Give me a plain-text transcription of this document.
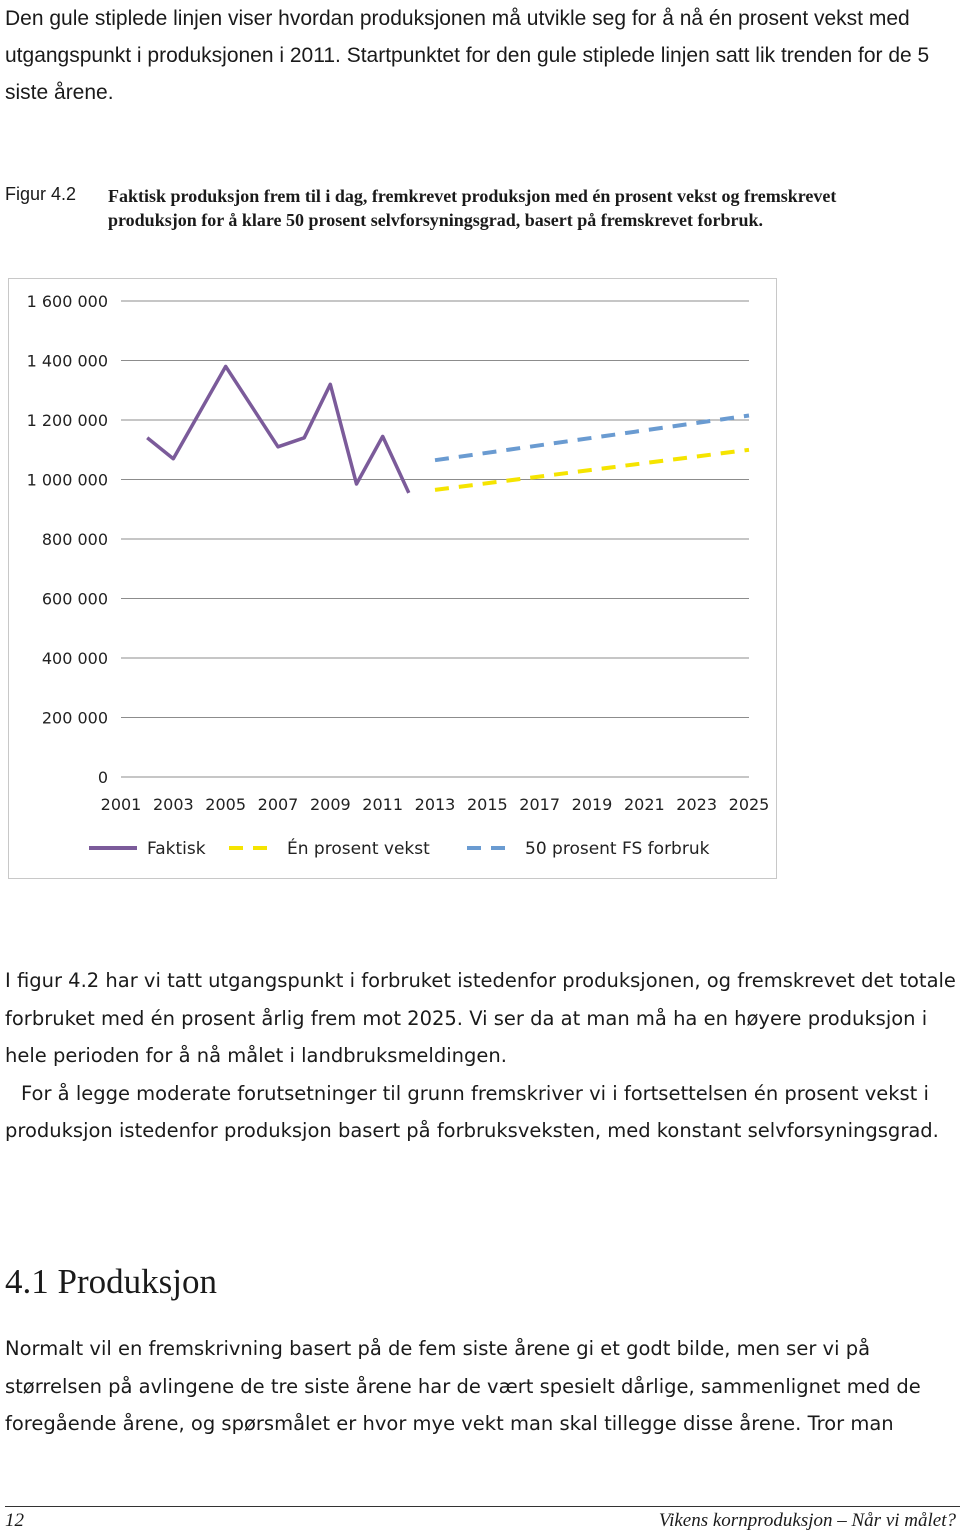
Den gule stiplede linjen viser hvordan produksjonen må utvikle seg for å nå én prosent vekst med utgangspunkt i produksjonen i 2011. Startpunktet for den gule stiplede linjen satt lik trenden for de 5 siste årene.

Figur 4.2 Faktisk produksjon frem til i dag, fremkrevet produksjon med én prosent vekst og fremskrevet produksjon for å klare 50 prosent selvforsyningsgrad, basert på fremskrevet forbruk.
0
200 000
400 000
600 000
800 000
1 000 000
1 200 000
1 400 000
1 600 000
2001 2003 2005 2007 2009 2011 2013 2015 2017 2019 2021 2023 2025
Faktisk	Én prosent vekst	50 prosent FS forbruk

I figur 4.2 har vi tatt utgangspunkt i forbruket istedenfor produksjonen, og fremskrevet det totale forbruket med én prosent årlig frem mot 2025. Vi ser da at man må ha en høyere produksjon i hele perioden for å nå målet i landbruksmeldingen.

For å legge moderate forutsetninger til grunn fremskriver vi i fortsettelsen én prosent vekst i produksjon istedenfor produksjon basert på forbruksveksten, med konstant selvforsyningsgrad.

4.1 Produksjon

Normalt vil en fremskrivning basert på de fem siste årene gi et godt bilde, men ser vi på størrelsen på avlingene de tre siste årene har de vært spesielt dårlige, sammenlignet med de foregående årene, og spørsmålet er hvor mye vekt man skal tillegge disse årene. Tror man

12	Vikens kornproduksjon – Når vi målet?
